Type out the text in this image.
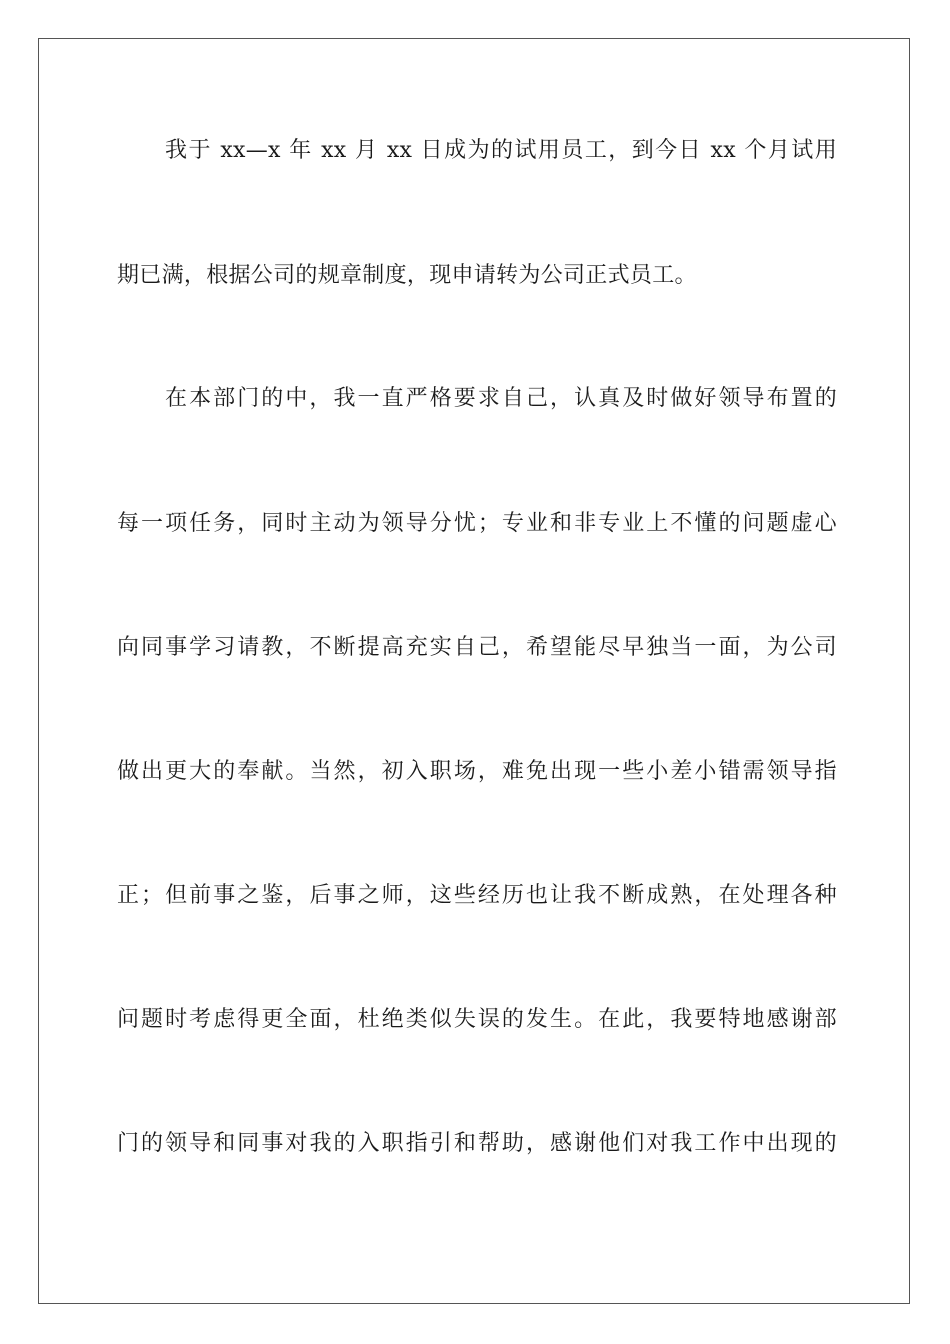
我于 xx—x 年 xx 月 xx 日成为的试用员工，到今日 xx 个月试用
期已满，根据公司的规章制度，现申请转为公司正式员工。
在本部门的中，我一直严格要求自己，认真及时做好领导布置的
每一项任务，同时主动为领导分忧；专业和非专业上不懂的问题虚心
向同事学习请教，不断提高充实自己，希望能尽早独当一面，为公司
做出更大的奉献。当然，初入职场，难免出现一些小差小错需领导指
正；但前事之鉴，后事之师，这些经历也让我不断成熟，在处理各种
问题时考虑得更全面，杜绝类似失误的发生。在此，我要特地感谢部
门的领导和同事对我的入职指引和帮助，感谢他们对我工作中出现的
